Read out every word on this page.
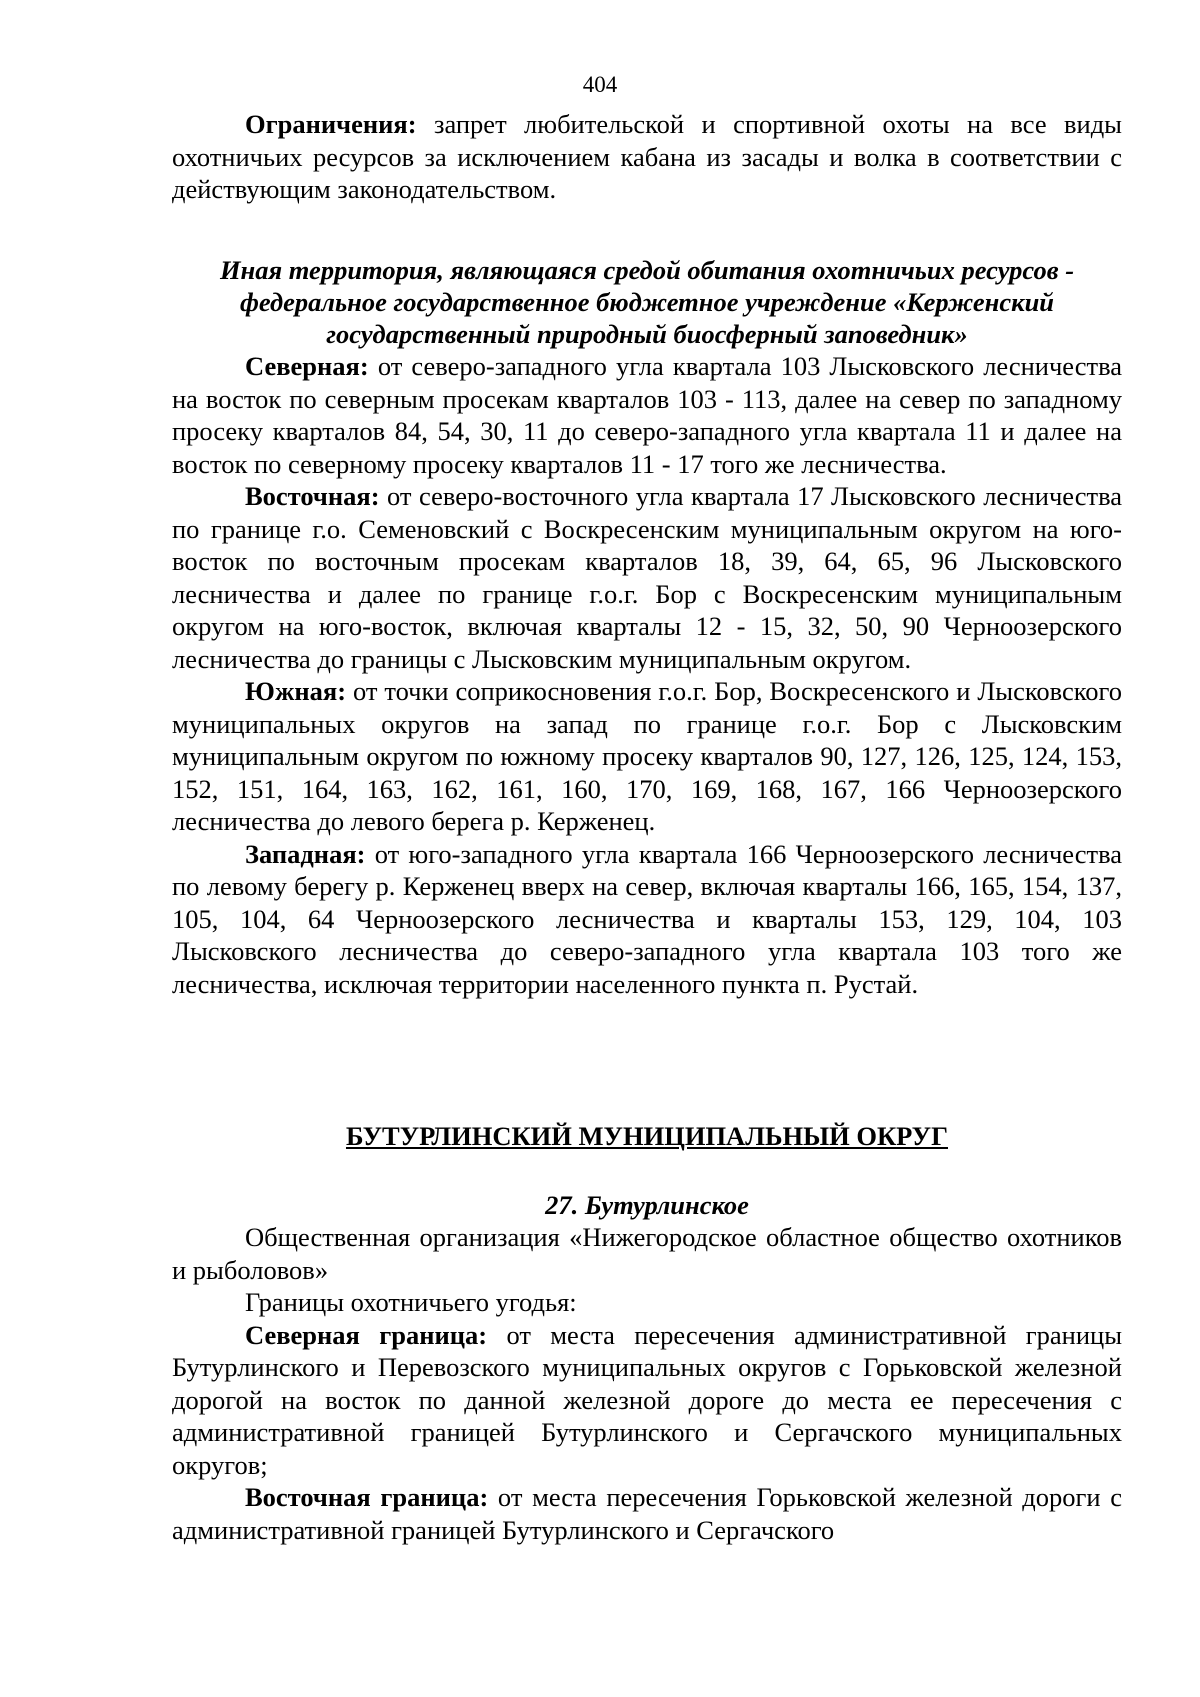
404

Ограничения: запрет любительской и спортивной охоты на все виды охотничьих ресурсов за исключением кабана из засады и волка в соответствии с действующим законодательством.

Иная территория, являющаяся средой обитания охотничьих ресурсов - федеральное государственное бюджетное учреждение «Керженский государственный природный биосферный заповедник»

Северная: от северо-западного угла квартала 103 Лысковского лесничества на восток по северным просекам кварталов 103 - 113, далее на север по западному просеку кварталов 84, 54, 30, 11 до северо-западного угла квартала 11 и далее на восток по северному просеку кварталов 11 - 17 того же лесничества.

Восточная: от северо-восточного угла квартала 17 Лысковского лесничества по границе г.о. Семеновский с Воскресенским муниципальным округом на юго-восток по восточным просекам кварталов 18, 39, 64, 65, 96 Лысковского лесничества и далее по границе г.о.г. Бор с Воскресенским муниципальным округом на юго-восток, включая кварталы 12 - 15, 32, 50, 90 Черноозерского лесничества до границы с Лысковским муниципальным округом.

Южная: от точки соприкосновения г.о.г. Бор, Воскресенского и Лысковского муниципальных округов на запад по границе г.о.г. Бор с Лысковским муниципальным округом по южному просеку кварталов 90, 127, 126, 125, 124, 153, 152, 151, 164, 163, 162, 161, 160, 170, 169, 168, 167, 166 Черноозерского лесничества до левого берега р. Керженец.

Западная: от юго-западного угла квартала 166 Черноозерского лесничества по левому берегу р. Керженец вверх на север, включая кварталы 166, 165, 154, 137, 105, 104, 64 Черноозерского лесничества и кварталы 153, 129, 104, 103 Лысковского лесничества до северо-западного угла квартала 103 того же лесничества, исключая территории населенного пункта п. Рустай.

БУТУРЛИНСКИЙ МУНИЦИПАЛЬНЫЙ ОКРУГ

27. Бутурлинское

Общественная организация «Нижегородское областное общество охотников и рыболовов»

Границы охотничьего угодья:

Северная граница: от места пересечения административной границы Бутурлинского и Перевозского муниципальных округов с Горьковской железной дорогой на восток по данной железной дороге до места ее пересечения с административной границей Бутурлинского и Сергачского муниципальных округов;

Восточная граница: от места пересечения Горьковской железной дороги с административной границей Бутурлинского и Сергачского
